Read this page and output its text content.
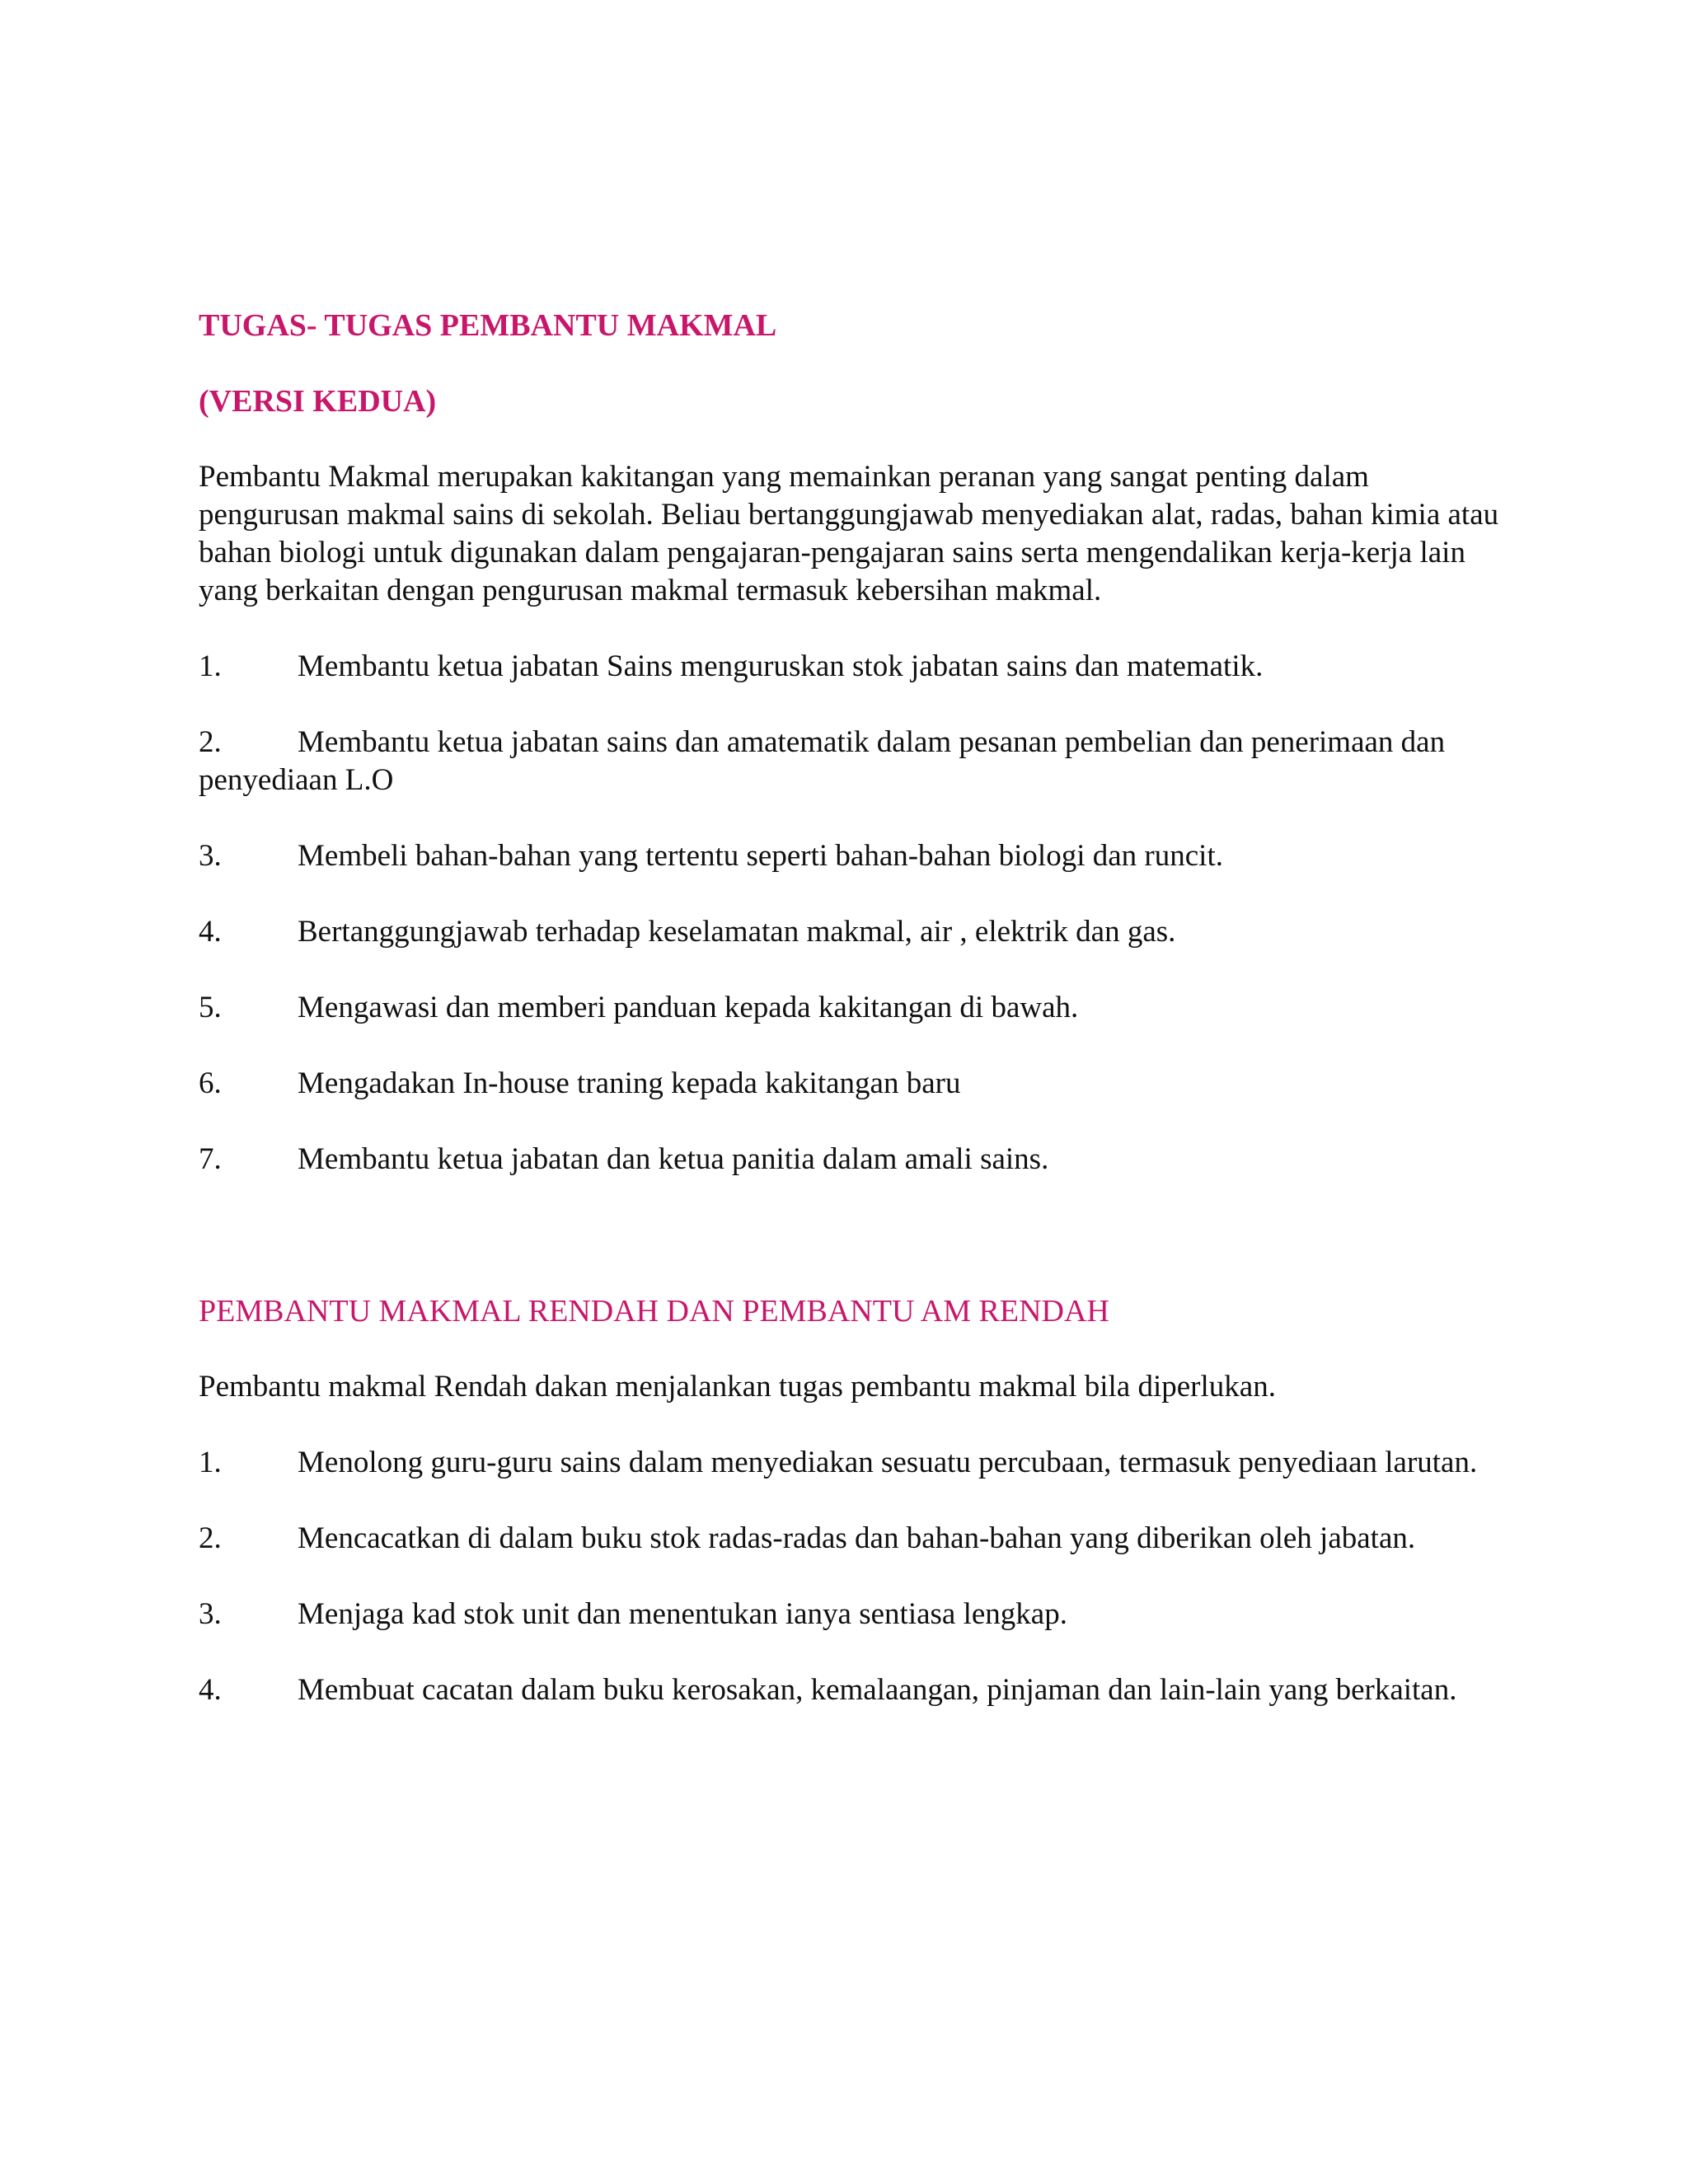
TUGAS- TUGAS PEMBANTU MAKMAL

(VERSI KEDUA)

Pembantu Makmal merupakan kakitangan yang memainkan peranan yang sangat penting dalam pengurusan makmal sains di sekolah. Beliau bertanggungjawab menyediakan alat, radas, bahan kimia atau bahan biologi untuk digunakan dalam pengajaran-pengajaran sains serta mengendalikan kerja-kerja lain yang berkaitan dengan pengurusan makmal termasuk kebersihan makmal.

1. Membantu ketua jabatan Sains menguruskan stok jabatan sains dan matematik.

2. Membantu ketua jabatan sains dan amatematik dalam pesanan pembelian dan penerimaan dan penyediaan L.O

3. Membeli bahan-bahan yang tertentu seperti bahan-bahan biologi dan runcit.

4. Bertanggungjawab terhadap keselamatan makmal, air , elektrik dan gas.

5. Mengawasi dan memberi panduan kepada kakitangan di bawah.

6. Mengadakan In-house traning kepada kakitangan baru

7. Membantu ketua jabatan dan ketua panitia dalam amali sains.

PEMBANTU MAKMAL RENDAH DAN PEMBANTU AM RENDAH

Pembantu makmal Rendah dakan menjalankan tugas pembantu makmal bila diperlukan.

1. Menolong guru-guru sains dalam menyediakan sesuatu percubaan, termasuk penyediaan larutan.

2. Mencacatkan di dalam buku stok radas-radas dan bahan-bahan yang diberikan oleh jabatan.

3. Menjaga kad stok unit dan menentukan ianya sentiasa lengkap.

4. Membuat cacatan dalam buku kerosakan, kemalaangan, pinjaman dan lain-lain yang berkaitan.
